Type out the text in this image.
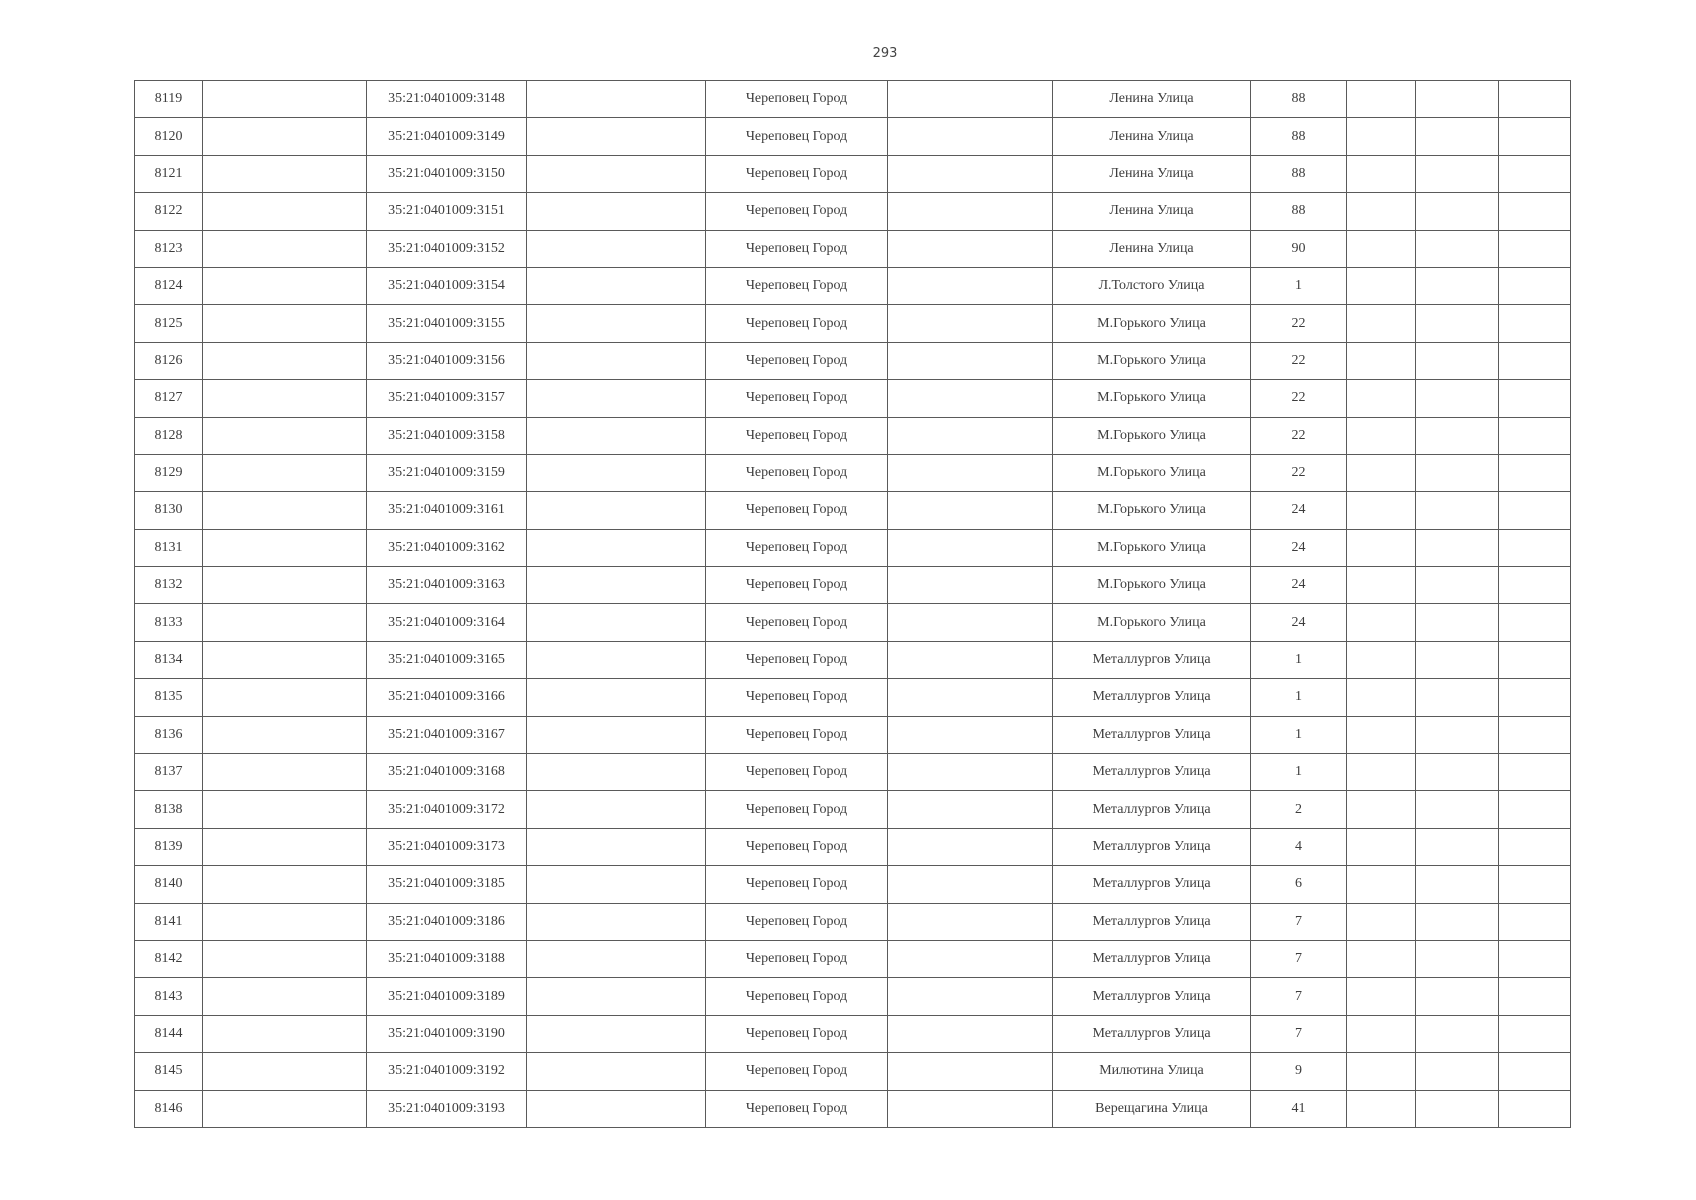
293
8119		35:21:0401009:3148		Череповец Город		Ленина Улица	88			
8120		35:21:0401009:3149		Череповец Город		Ленина Улица	88			
8121		35:21:0401009:3150		Череповец Город		Ленина Улица	88			
8122		35:21:0401009:3151		Череповец Город		Ленина Улица	88			
8123		35:21:0401009:3152		Череповец Город		Ленина Улица	90			
8124		35:21:0401009:3154		Череповец Город		Л.Толстого Улица	1			
8125		35:21:0401009:3155		Череповец Город		М.Горького Улица	22			
8126		35:21:0401009:3156		Череповец Город		М.Горького Улица	22			
8127		35:21:0401009:3157		Череповец Город		М.Горького Улица	22			
8128		35:21:0401009:3158		Череповец Город		М.Горького Улица	22			
8129		35:21:0401009:3159		Череповец Город		М.Горького Улица	22			
8130		35:21:0401009:3161		Череповец Город		М.Горького Улица	24			
8131		35:21:0401009:3162		Череповец Город		М.Горького Улица	24			
8132		35:21:0401009:3163		Череповец Город		М.Горького Улица	24			
8133		35:21:0401009:3164		Череповец Город		М.Горького Улица	24			
8134		35:21:0401009:3165		Череповец Город		Металлургов Улица	1			
8135		35:21:0401009:3166		Череповец Город		Металлургов Улица	1			
8136		35:21:0401009:3167		Череповец Город		Металлургов Улица	1			
8137		35:21:0401009:3168		Череповец Город		Металлургов Улица	1			
8138		35:21:0401009:3172		Череповец Город		Металлургов Улица	2			
8139		35:21:0401009:3173		Череповец Город		Металлургов Улица	4			
8140		35:21:0401009:3185		Череповец Город		Металлургов Улица	6			
8141		35:21:0401009:3186		Череповец Город		Металлургов Улица	7			
8142		35:21:0401009:3188		Череповец Город		Металлургов Улица	7			
8143		35:21:0401009:3189		Череповец Город		Металлургов Улица	7			
8144		35:21:0401009:3190		Череповец Город		Металлургов Улица	7			
8145		35:21:0401009:3192		Череповец Город		Милютина Улица	9			
8146		35:21:0401009:3193		Череповец Город		Верещагина Улица	41			
